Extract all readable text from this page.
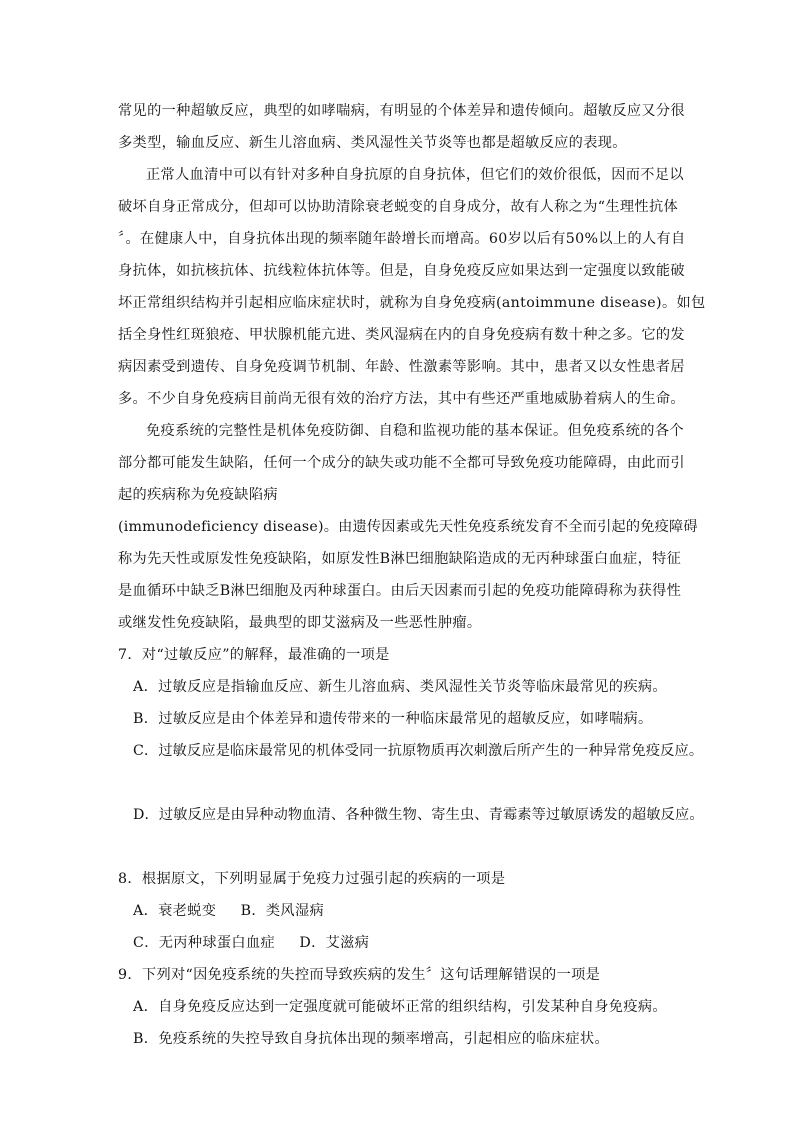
常见的一种超敏反应，典型的如哮喘病，有明显的个体差异和遗传倾向。超敏反应又分很
多类型，输血反应、新生儿溶血病、类风湿性关节炎等也都是超敏反应的表现。
正常人血清中可以有针对多种自身抗原的自身抗体，但它们的效价很低，因而不足以
破坏自身正常成分，但却可以协助清除衰老蜕变的自身成分，故有人称之为“生理性抗体
〞。在健康人中，自身抗体出现的频率随年龄增长而增高。60岁以后有50%以上的人有自
身抗体，如抗核抗体、抗线粒体抗体等。但是，自身免疫反应如果达到一定强度以致能破
坏正常组织结构并引起相应临床症状时，就称为自身免疫病(antoimmune disease)。如包
括全身性红斑狼疮、甲状腺机能亢进、类风湿病在内的自身免疫病有数十种之多。它的发
病因素受到遗传、自身免疫调节机制、年龄、性激素等影响。其中，患者又以女性患者居
多。不少自身免疫病目前尚无很有效的治疗方法，其中有些还严重地威胁着病人的生命。
免疫系统的完整性是机体免疫防御、自稳和监视功能的基本保证。但免疫系统的各个
部分都可能发生缺陷，任何一个成分的缺失或功能不全都可导致免疫功能障碍，由此而引
起的疾病称为免疫缺陷病
(immunodeficiency disease)。由遗传因素或先天性免疫系统发育不全而引起的免疫障碍
称为先天性或原发性免疫缺陷，如原发性B淋巴细胞缺陷造成的无丙种球蛋白血症，特征
是血循环中缺乏B淋巴细胞及丙种球蛋白。由后天因素而引起的免疫功能障碍称为获得性
或继发性免疫缺陷，最典型的即艾滋病及一些恶性肿瘤。
7．对“过敏反应”的解释，最准确的一项是
A．过敏反应是指输血反应、新生儿溶血病、类风湿性关节炎等临床最常见的疾病。
B．过敏反应是由个体差异和遗传带来的一种临床最常见的超敏反应，如哮喘病。
C．过敏反应是临床最常见的机体受同一抗原物质再次刺激后所产生的一种异常免疫反应。
D．过敏反应是由异种动物血清、各种微生物、寄生虫、青霉素等过敏原诱发的超敏反应。
8．根据原文，下列明显属于免疫力过强引起的疾病的一项是
A．衰老蜕变     B．类风湿病
C．无丙种球蛋白血症     D．艾滋病
9．下列对“因免疫系统的失控而导致疾病的发生〞这句话理解错误的一项是
A．自身免疫反应达到一定强度就可能破坏正常的组织结构，引发某种自身免疫病。
B．免疫系统的失控导致自身抗体出现的频率增高，引起相应的临床症状。
